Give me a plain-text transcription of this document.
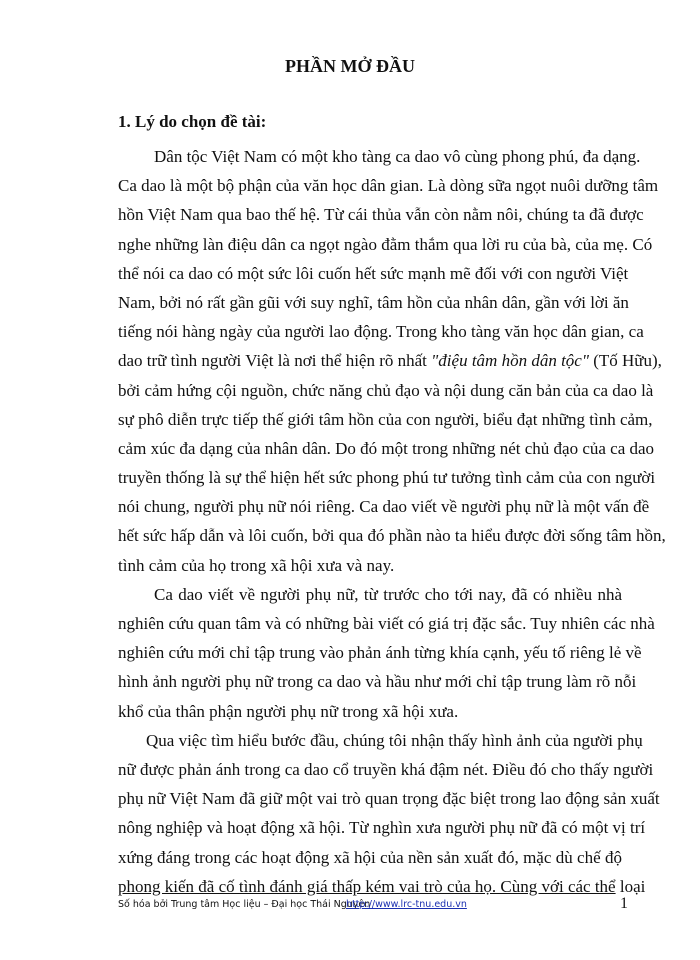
PHẦN MỞ ĐẦU
1. Lý do chọn đề tài:
Dân tộc Việt Nam có một kho tàng ca dao vô cùng phong phú, đa dạng.
Ca dao là một bộ phận của văn học dân gian. Là dòng sữa ngọt nuôi dưỡng tâm
hồn Việt Nam qua bao thế hệ. Từ cái thủa vẫn còn nằm nôi, chúng ta đã được
nghe những làn điệu dân ca ngọt ngào đằm thắm qua lời ru của bà, của mẹ. Có
thể nói ca dao có một sức lôi cuốn hết sức mạnh mẽ đối với con người Việt
Nam, bởi nó rất gần gũi với suy nghĩ, tâm hồn của nhân dân, gần với lời ăn
tiếng nói hàng ngày của người lao động. Trong kho tàng văn học dân gian, ca
dao trữ tình người Việt là nơi thể hiện rõ nhất "điệu tâm hồn dân tộc" (Tố Hữu),
bởi cảm hứng cội nguồn, chức năng chủ đạo và nội dung căn bản của ca dao là
sự phô diễn trực tiếp thế giới tâm hồn của con người, biểu đạt những tình cảm,
cảm xúc đa dạng của nhân dân. Do đó một trong những nét chủ đạo của ca dao
truyền thống là sự thể hiện hết sức phong phú tư tưởng tình cảm của con người
nói chung, người phụ nữ nói riêng. Ca dao viết về người phụ nữ là một vấn đề
hết sức hấp dẫn và lôi cuốn, bởi qua đó phần nào ta hiểu được đời sống tâm hồn,
tình cảm của họ trong xã hội xưa và nay.
Ca dao viết về người phụ nữ, từ trước cho tới nay, đã có nhiều nhà
nghiên cứu quan tâm và có những bài viết có giá trị đặc sắc. Tuy nhiên các nhà
nghiên cứu mới chỉ tập trung vào phản ánh từng khía cạnh, yếu tố riêng lẻ về
hình ảnh người phụ nữ trong ca dao và hầu như mới chỉ tập trung làm rõ nỗi
khổ của thân phận người phụ nữ trong xã hội xưa.
Qua việc tìm hiểu bước đầu, chúng tôi nhận thấy hình ảnh của người phụ
nữ được phản ánh trong ca dao cổ truyền khá đậm nét. Điều đó cho thấy người
phụ nữ Việt Nam đã giữ một vai trò quan trọng đặc biệt trong lao động sản xuất
nông nghiệp và hoạt động xã hội. Từ nghìn xưa người phụ nữ đã có một vị trí
xứng đáng trong các hoạt động xã hội của nền sản xuất đó, mặc dù chế độ
phong kiến đã cố tình đánh giá thấp kém vai trò của họ. Cùng với các thể loại
Số hóa bởi Trung tâm Học liệu – Đại học Thái Nguyên
http://www.lrc-tnu.edu.vn	1
